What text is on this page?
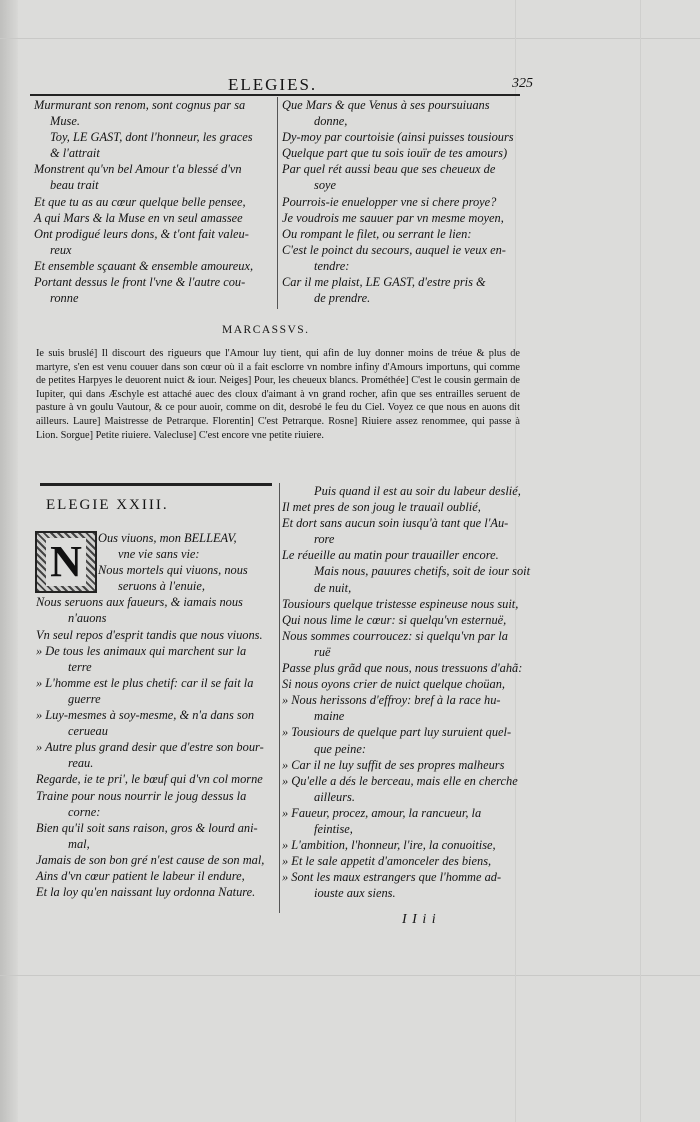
ELEGIES.	325
Murmurant son renom, sont cognus par sa
Muse.
Toy, LE GAST, dont l'honneur, les graces
& l'attrait
Monstrent qu'vn bel Amour t'a blessé d'vn
beau trait
Et que tu as au cœur quelque belle pensee,
A qui Mars & la Muse en vn seul amassee
Ont prodigué leurs dons, & t'ont fait valeu-
reux
Et ensemble sçauant & ensemble amoureux,
Portant dessus le front l'vne & l'autre cou-
ronne
Que Mars & que Venus à ses poursuiuans
donne,
Dy-moy par courtoisie (ainsi puisses tousiours
Quelque part que tu sois iouïr de tes amours)
Par quel rét aussi beau que ses cheueux de
soye
Pourrois-ie enuelopper vne si chere proye?
Je voudrois me sauuer par vn mesme moyen,
Ou rompant le filet, ou serrant le lien:
C'est le poinct du secours, auquel ie veux en-
tendre:
Car il me plaist, LE GAST, d'estre pris &
de prendre.
MARCASSVS.
Ie suis bruslé] Il discourt des rigueurs que l'Amour luy tient, qui afin de luy donner moins de tréue & plus de martyre, s'en est venu couuer dans son cœur où il a fait esclorre vn nombre infiny d'Amours importuns, qui comme de petites Harpyes le deuorent nuict & iour. Neiges] Pour, les cheueux blancs. Prométhée] C'est le cousin germain de Iupiter, qui dans Æschyle est attaché auec des cloux d'aimant à vn grand rocher, afin que ses entrailles seruent de pasture à vn goulu Vautour, & ce pour auoir, comme on dit, desrobé le feu du Ciel. Voyez ce que nous en auons dit ailleurs. Laure] Maistresse de Petrarque. Florentin] C'est Petrarque. Rosne] Riuiere assez renommee, qui passe à Lion. Sorgue] Petite riuiere. Valecluse] C'est encore vne petite riuiere.
ELEGIE XXIII.
N	Ous viuons, mon BELLEAV,
vne vie sans vie:
Nous mortels qui viuons, nous
seruons à l'enuie,
Nous seruons aux faueurs, & iamais nous
n'auons
Vn seul repos d'esprit tandis que nous viuons.
» De tous les animaux qui marchent sur la
terre
» L'homme est le plus chetif: car il se fait la
guerre
» Luy-mesmes à soy-mesme, & n'a dans son
cerueau
» Autre plus grand desir que d'estre son bour-
reau.
Regarde, ie te pri', le bœuf qui d'vn col morne
Traine pour nous nourrir le joug dessus la
corne:
Bien qu'il soit sans raison, gros & lourd ani-
mal,
Jamais de son bon gré n'est cause de son mal,
Ains d'vn cœur patient le labeur il endure,
Et la loy qu'en naissant luy ordonna Nature.
Puis quand il est au soir du labeur deslié,
Il met pres de son joug le trauail oublié,
Et dort sans aucun soin iusqu'à tant que l'Au-
rore
Le réueille au matin pour trauailler encore.
Mais nous, pauures chetifs, soit de iour soit
de nuit,
Tousiours quelque tristesse espineuse nous suit,
Qui nous lime le cœur: si quelqu'vn esternuë,
Nous sommes courroucez: si quelqu'vn par la
ruë
Passe plus grãd que nous, nous tressuons d'ahã:
Si nous oyons crier de nuict quelque choüan,
» Nous herissons d'effroy: bref à la race hu-
maine
» Tousiours de quelque part luy suruient quel-
que peine:
» Car il ne luy suffit de ses propres malheurs
» Qu'elle a dés le berceau, mais elle en cherche
ailleurs.
» Faueur, procez, amour, la rancueur, la
feintise,
» L'ambition, l'honneur, l'ire, la conuoitise,
» Et le sale appetit d'amonceler des biens,
» Sont les maux estrangers que l'homme ad-
iouste aux siens.
I I i i
